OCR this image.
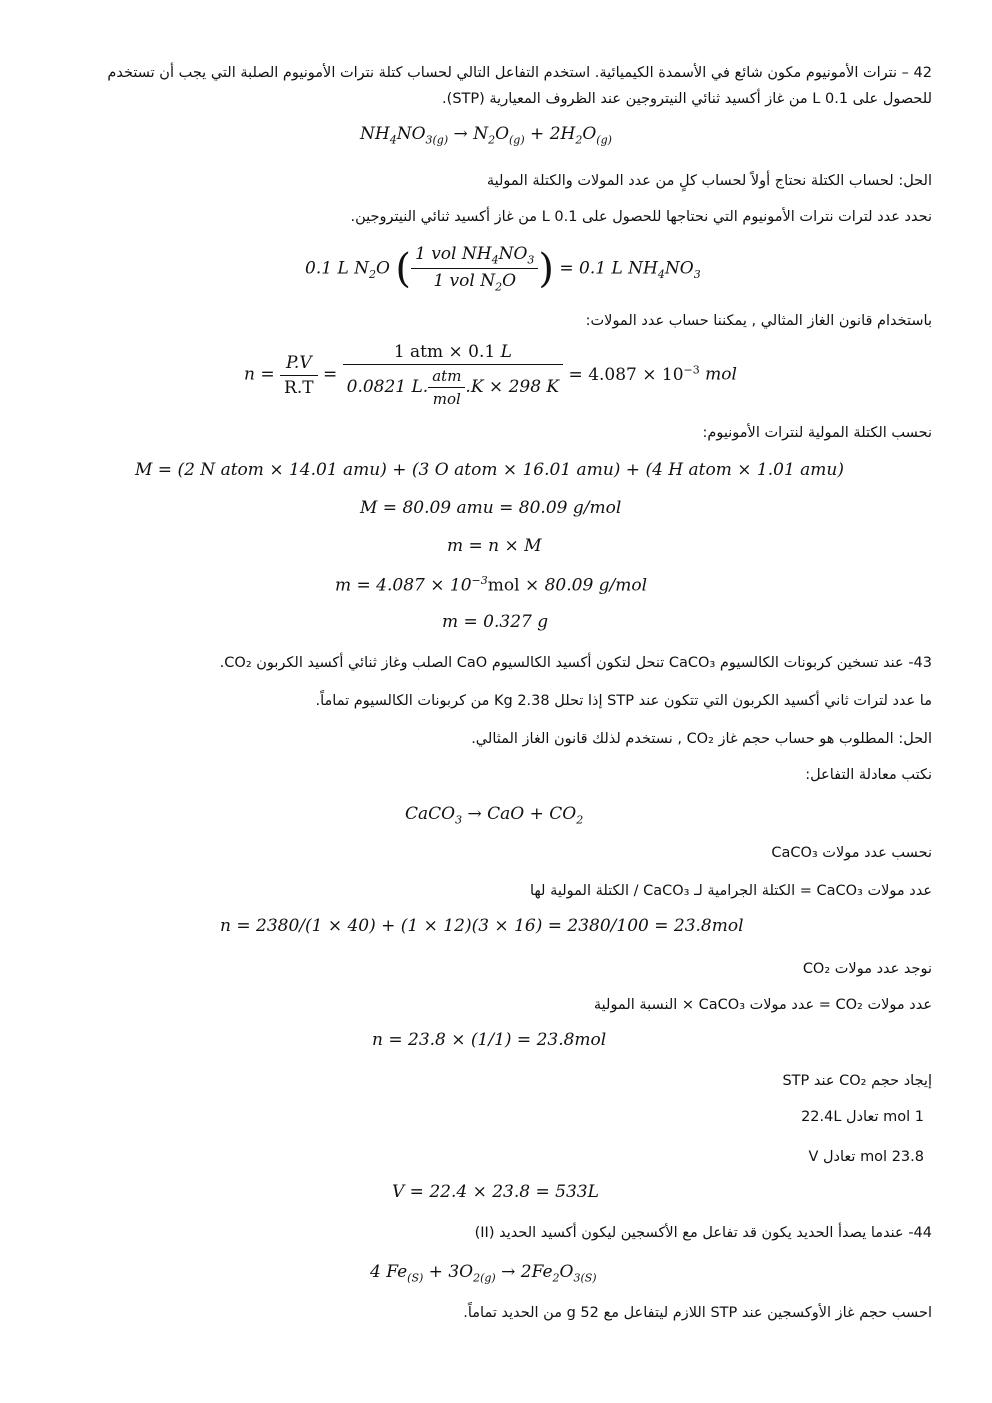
42 – نترات الأمونيوم مكون شائع في الأسمدة الكيميائية. استخدم التفاعل التالي لحساب كتلة نترات الأمونيوم الصلبة التي يجب أن تستخدم
للحصول على 0.1 L من غاز أكسيد ثنائي النيتروجين عند الظروف المعيارية (STP).
$NH_4NO_{3(g)} \to N_2O_{(g)} + 2H_2O_{(g)}$
الحل: لحساب الكتلة نحتاج أولاً لحساب كلٍ من عدد المولات والكتلة المولية
نحدد عدد لترات نترات الأمونيوم التي نحتاجها للحصول على 0.1 L من غاز أكسيد ثنائي النيتروجين.
0.1 L $N_2O$ ( $\frac{1 vol NH_4NO_3}{1 vol N_2O}$ ) = 0.1 L $NH_4NO_3$
باستخدام قانون الغاز المثالي , يمكننا حساب عدد المولات:
$n = \frac{P.V}{R.T} = \frac{\text{1 atm × 0.1 L}}{0.0821 L. \frac{\text{atm}}{\text{mol}} .K \times 298 K} = 4.087 \times 10^{-3}$ mol
نحسب الكتلة المولية لنترات الأمونيوم:
M = (2 N atom × 14.01 amu) + (3 O atom × 16.01 amu) + (4 H atom × 1.01 amu)
M = 80.09 amu = 80.09 g/mol
m = n × M
$m = 4.087 \times 10^{-3}mol \times 80.09$ g/mol
m = 0.327 g
43- عند تسخين كربونات الكالسيوم CaCO₃ تنحل لتكون أكسيد الكالسيوم CaO الصلب وغاز ثنائي أكسيد الكربون CO₂.
ما عدد لترات ثاني أكسيد الكربون التي تتكون عند STP إذا تحلل 2.38 Kg من كربونات الكالسيوم تماماً.
الحل: المطلوب هو حساب حجم غاز CO₂ , نستخدم لذلك قانون الغاز المثالي.
نكتب معادلة التفاعل:
CaCO$_3$ → CaO + $CO_2$
نحسب عدد مولات CaCO₃
عدد مولات CaCO₃ = الكتلة الجرامية لـ CaCO₃ / الكتلة المولية لها
n = 2380/(1 × 40) + (1 × 12)(3 × 16) = 2380/100 = 23.8mol
نوجد عدد مولات CO₂
عدد مولات CO₂ = عدد مولات CaCO₃ × النسبة المولية
n = 23.8 × (1/1) = 23.8mol
إيجاد حجم CO₂ عند STP
1 mol تعادل 22.4L
23.8 mol تعادل V
V = 22.4 × 23.8 = 533L
44- عندما يصدأ الحديد يكون قد تفاعل مع الأكسجين ليكون أكسيد الحديد (II)
4 $Fe_{(S)} + 3O_{2(g)} \to 2Fe_2O_{3(S)}$
احسب حجم غاز الأوكسجين عند STP اللازم ليتفاعل مع 52 g من الحديد تماماً.
